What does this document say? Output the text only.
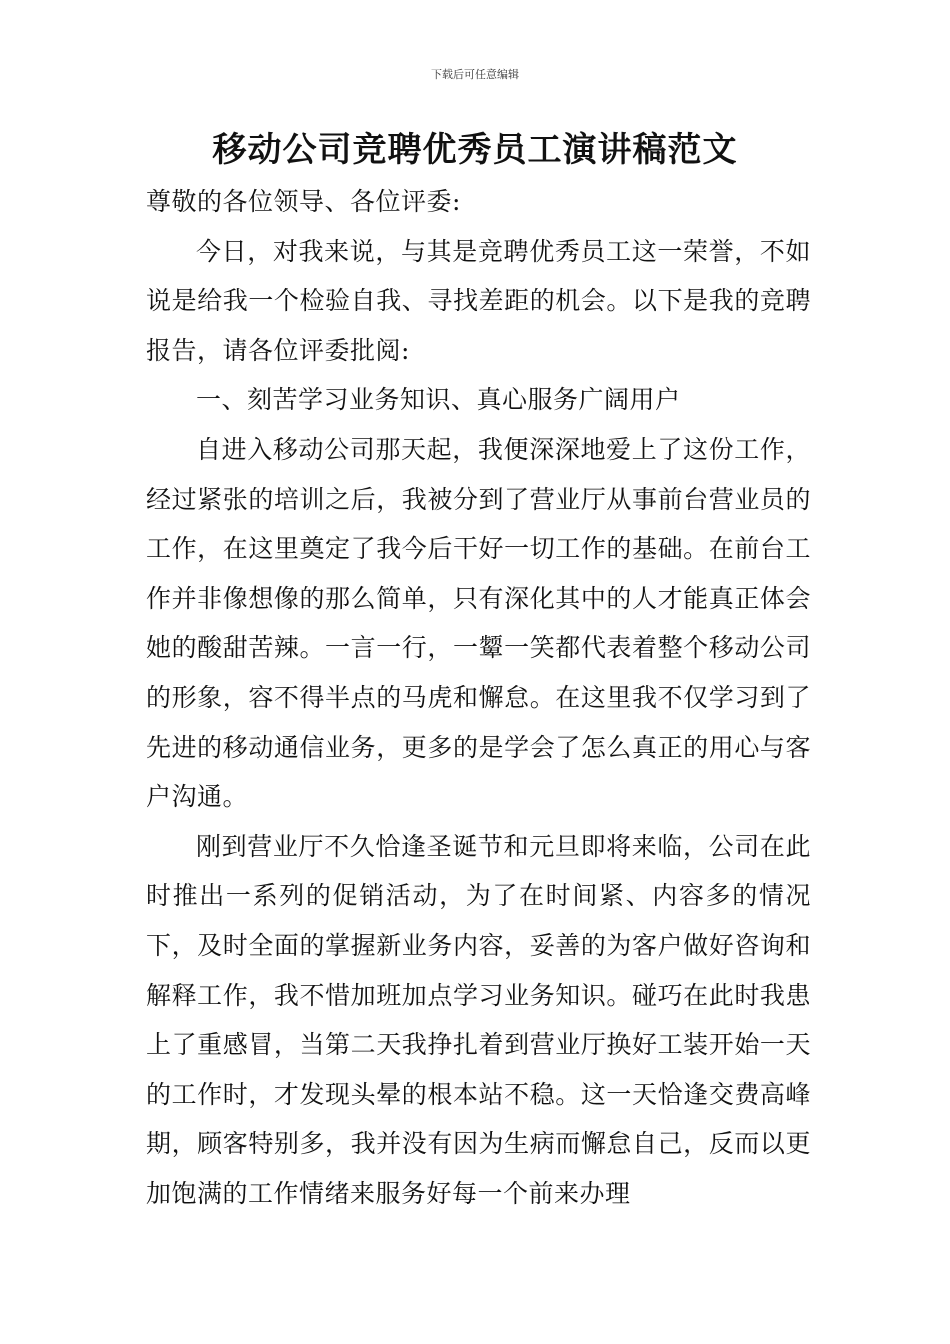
下载后可任意编辑
移动公司竞聘优秀员工演讲稿范文

尊敬的各位领导、各位评委:

今日，对我来说，与其是竞聘优秀员工这一荣誉，不如说是给我一个检验自我、寻找差距的机会。以下是我的竞聘报告，请各位评委批阅:

一、刻苦学习业务知识、真心服务广阔用户

自进入移动公司那天起，我便深深地爱上了这份工作，经过紧张的培训之后，我被分到了营业厅从事前台营业员的工作，在这里奠定了我今后干好一切工作的基础。在前台工作并非像想像的那么简单，只有深化其中的人才能真正体会她的酸甜苦辣。一言一行，一颦一笑都代表着整个移动公司的形象，容不得半点的马虎和懈怠。在这里我不仅学习到了先进的移动通信业务，更多的是学会了怎么真正的用心与客户沟通。

刚到营业厅不久恰逢圣诞节和元旦即将来临，公司在此时推出一系列的促销活动，为了在时间紧、内容多的情况下，及时全面的掌握新业务内容，妥善的为客户做好咨询和解释工作，我不惜加班加点学习业务知识。碰巧在此时我患上了重感冒，当第二天我挣扎着到营业厅换好工装开始一天的工作时，才发现头晕的根本站不稳。这一天恰逢交费高峰期，顾客特别多，我并没有因为生病而懈怠自己，反而以更加饱满的工作情绪来服务好每一个前来办理
